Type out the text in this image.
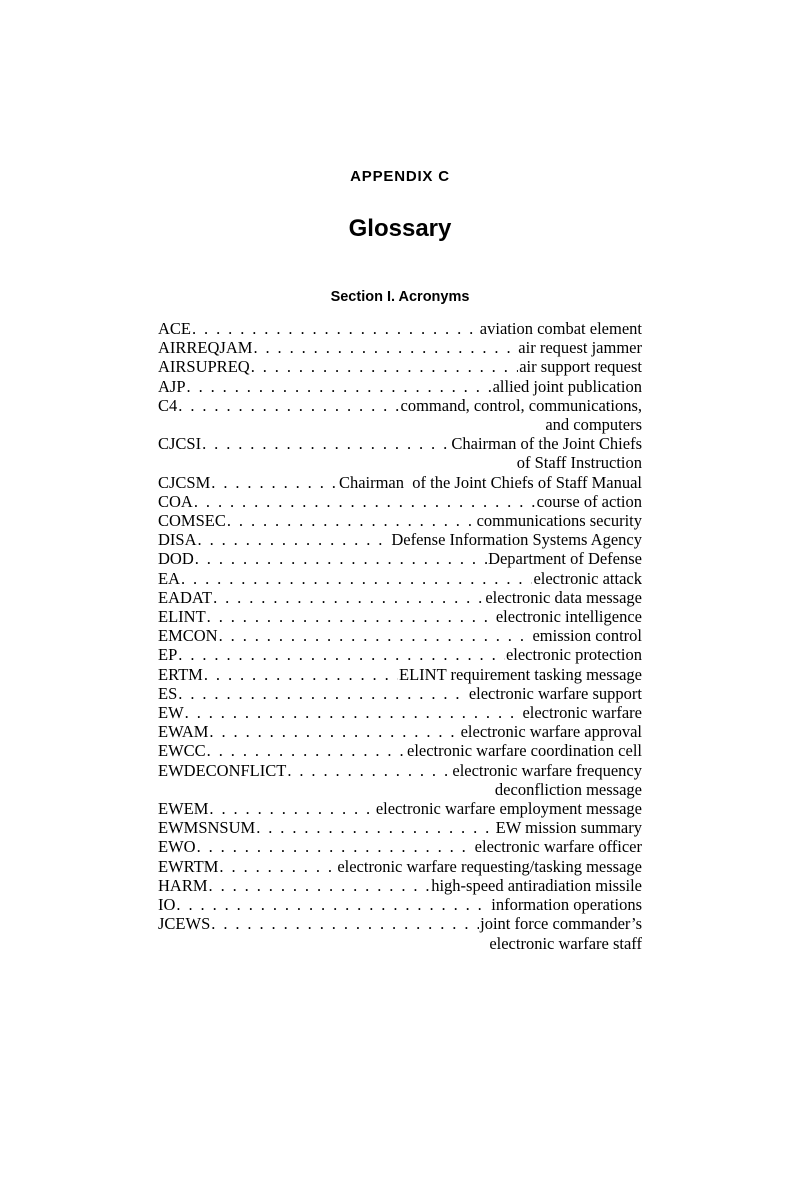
APPENDIX C
Glossary
Section I. Acronyms
ACE . . .	aviation combat element
AIRREQJAM . . .	air request jammer
AIRSUPREQ . . .	air support request
AJP . . .	allied joint publication
C4 . . .	command, control, communications,
and computers
CJCSI . . .	Chairman of the Joint Chiefs
of Staff Instruction
CJCSM . . .	Chairman  of the Joint Chiefs of Staff Manual
COA . . .	course of action
COMSEC . . .	communications security
DISA . . .	Defense Information Systems Agency
DOD . . .	Department of Defense
EA . . .	electronic attack
EADAT . . .	electronic data message
ELINT . . .	electronic intelligence
EMCON . . .	emission control
EP . . .	electronic protection
ERTM . . .	ELINT requirement tasking message
ES . . .	electronic warfare support
EW . . .	electronic warfare
EWAM . . .	electronic warfare approval
EWCC . . .	electronic warfare coordination cell
EWDECONFLICT . . .	electronic warfare frequency
deconfliction message
EWEM . . .	electronic warfare employment message
EWMSNSUM . . .	EW mission summary
EWO . . .	electronic warfare officer
EWRTM . . .	electronic warfare requesting/tasking message
HARM . . .	high-speed antiradiation missile
IO . . .	information operations
JCEWS . . .	joint force commander’s
electronic warfare staff
